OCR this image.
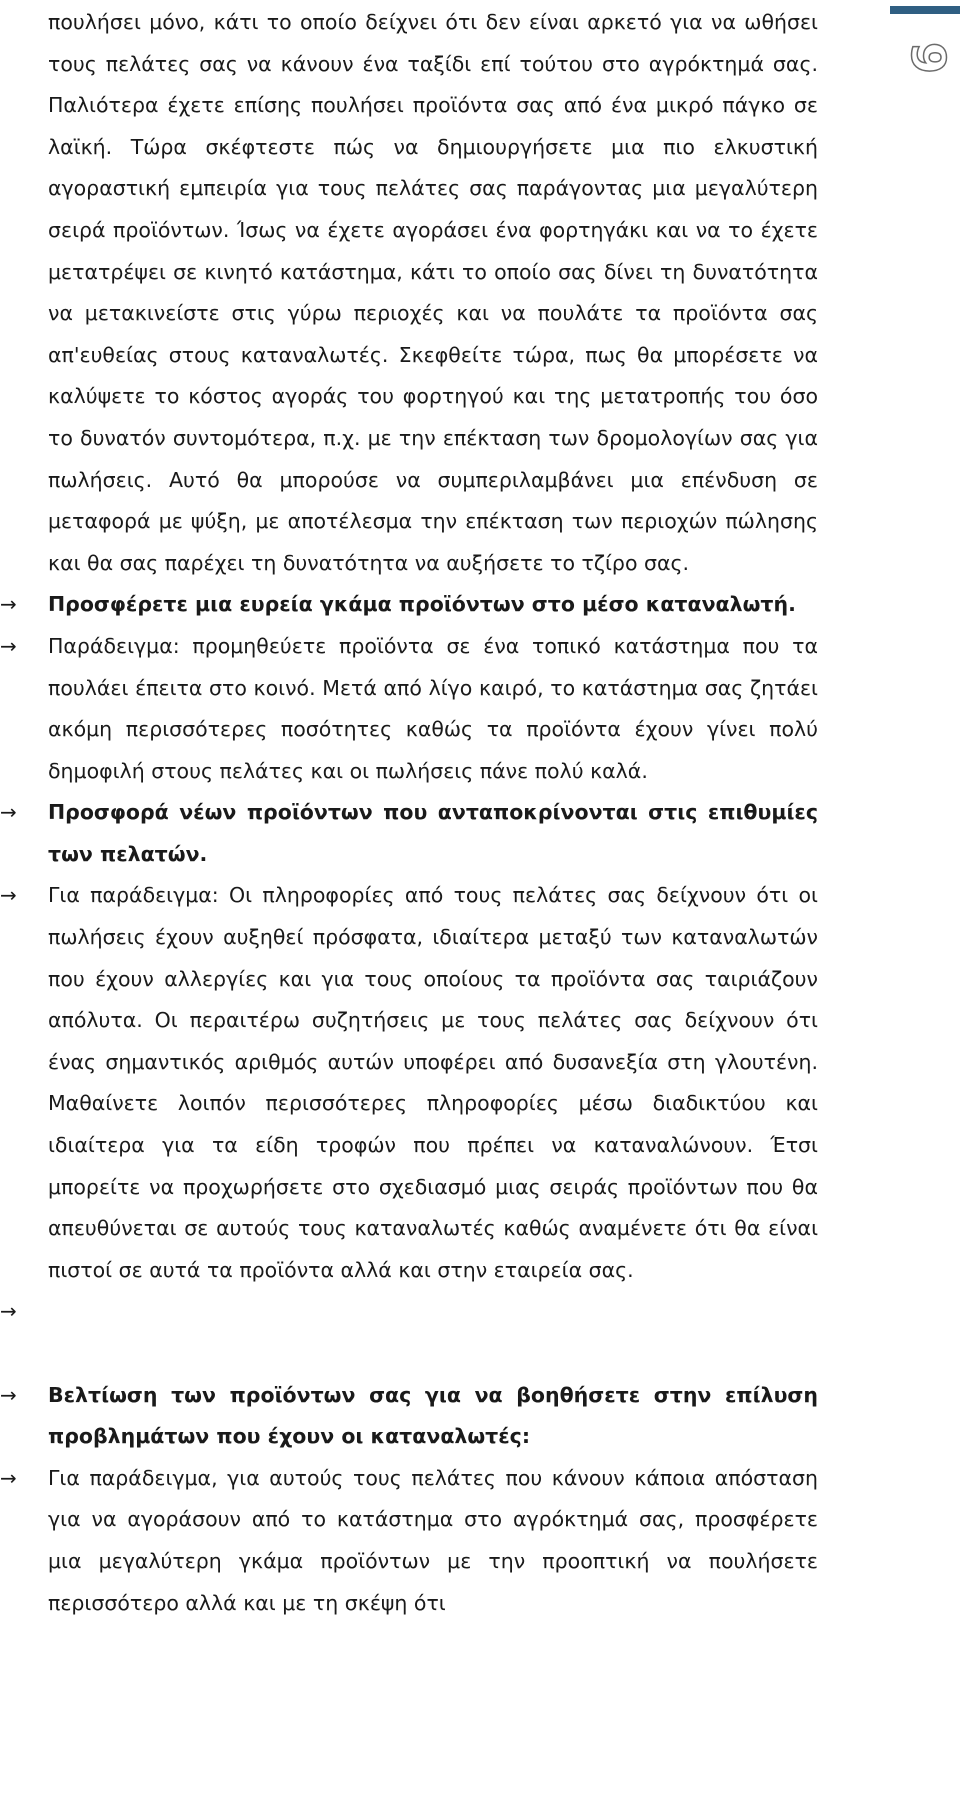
9

πουλήσει μόνο, κάτι το οποίο δείχνει ότι δεν είναι αρκετό για να ωθήσει τους πελάτες σας να κάνουν ένα ταξίδι επί τούτου στο αγρόκτημά σας. Παλιότερα έχετε επίσης πουλήσει προϊόντα σας από ένα μικρό πάγκο σε λαϊκή. Τώρα σκέφτεστε πώς να δημιουργήσετε μια πιο ελκυστική αγοραστική εμπειρία για τους πελάτες σας παράγοντας μια μεγαλύτερη σειρά προϊόντων. Ίσως να έχετε αγοράσει ένα φορτηγάκι και να το έχετε μετατρέψει σε κινητό κατάστημα, κάτι το οποίο σας δίνει τη δυνατότητα να μετακινείστε στις γύρω περιοχές και να πουλάτε τα προϊόντα σας απ'ευθείας στους καταναλωτές. Σκεφθείτε τώρα, πως θα μπορέσετε να καλύψετε το κόστος αγοράς του φορτηγού και της μετατροπής του όσο το δυνατόν συντομότερα, π.χ. με την επέκταση των δρομολογίων σας για πωλήσεις. Αυτό θα μπορούσε να συμπεριλαμβάνει μια επένδυση σε μεταφορά με ψύξη, με αποτέλεσμα την επέκταση των περιοχών πώλησης και θα σας παρέχει τη δυνατότητα να αυξήσετε το τζίρο σας.

→	Προσφέρετε μια ευρεία γκάμα προϊόντων στο μέσο καταναλωτή.

→	Παράδειγμα: προμηθεύετε προϊόντα σε ένα τοπικό κατάστημα που τα πουλάει έπειτα στο κοινό. Μετά από λίγο καιρό, το κατάστημα σας ζητάει ακόμη περισσότερες ποσότητες καθώς τα προϊόντα έχουν γίνει πολύ δημοφιλή στους πελάτες και οι πωλήσεις πάνε πολύ καλά.

→	Προσφορά νέων προϊόντων που ανταποκρίνονται στις επιθυμίες των πελατών.

→	Για παράδειγμα: Οι πληροφορίες από τους πελάτες σας δείχνουν ότι οι πωλήσεις έχουν αυξηθεί πρόσφατα, ιδιαίτερα μεταξύ των καταναλωτών που έχουν αλλεργίες και για τους οποίους τα προϊόντα σας ταιριάζουν απόλυτα. Οι περαιτέρω συζητήσεις με τους πελάτες σας δείχνουν ότι ένας σημαντικός αριθμός αυτών υποφέρει από δυσανεξία στη γλουτένη. Μαθαίνετε λοιπόν περισσότερες πληροφορίες μέσω διαδικτύου και ιδιαίτερα για τα είδη τροφών που πρέπει να καταναλώνουν. Έτσι μπορείτε να προχωρήσετε στο σχεδιασμό μιας σειράς προϊόντων που θα απευθύνεται σε αυτούς τους καταναλωτές καθώς αναμένετε ότι θα είναι πιστοί σε αυτά τα προϊόντα αλλά και στην εταιρεία σας.

→

→	Βελτίωση των προϊόντων σας για να βοηθήσετε στην επίλυση προβλημάτων που έχουν οι καταναλωτές:

→	Για παράδειγμα, για αυτούς τους πελάτες που κάνουν κάποια απόσταση για να αγοράσουν από το κατάστημα στο αγρόκτημά σας, προσφέρετε μια μεγαλύτερη γκάμα προϊόντων με την προοπτική να πουλήσετε περισσότερο αλλά και με τη σκέψη ότι
